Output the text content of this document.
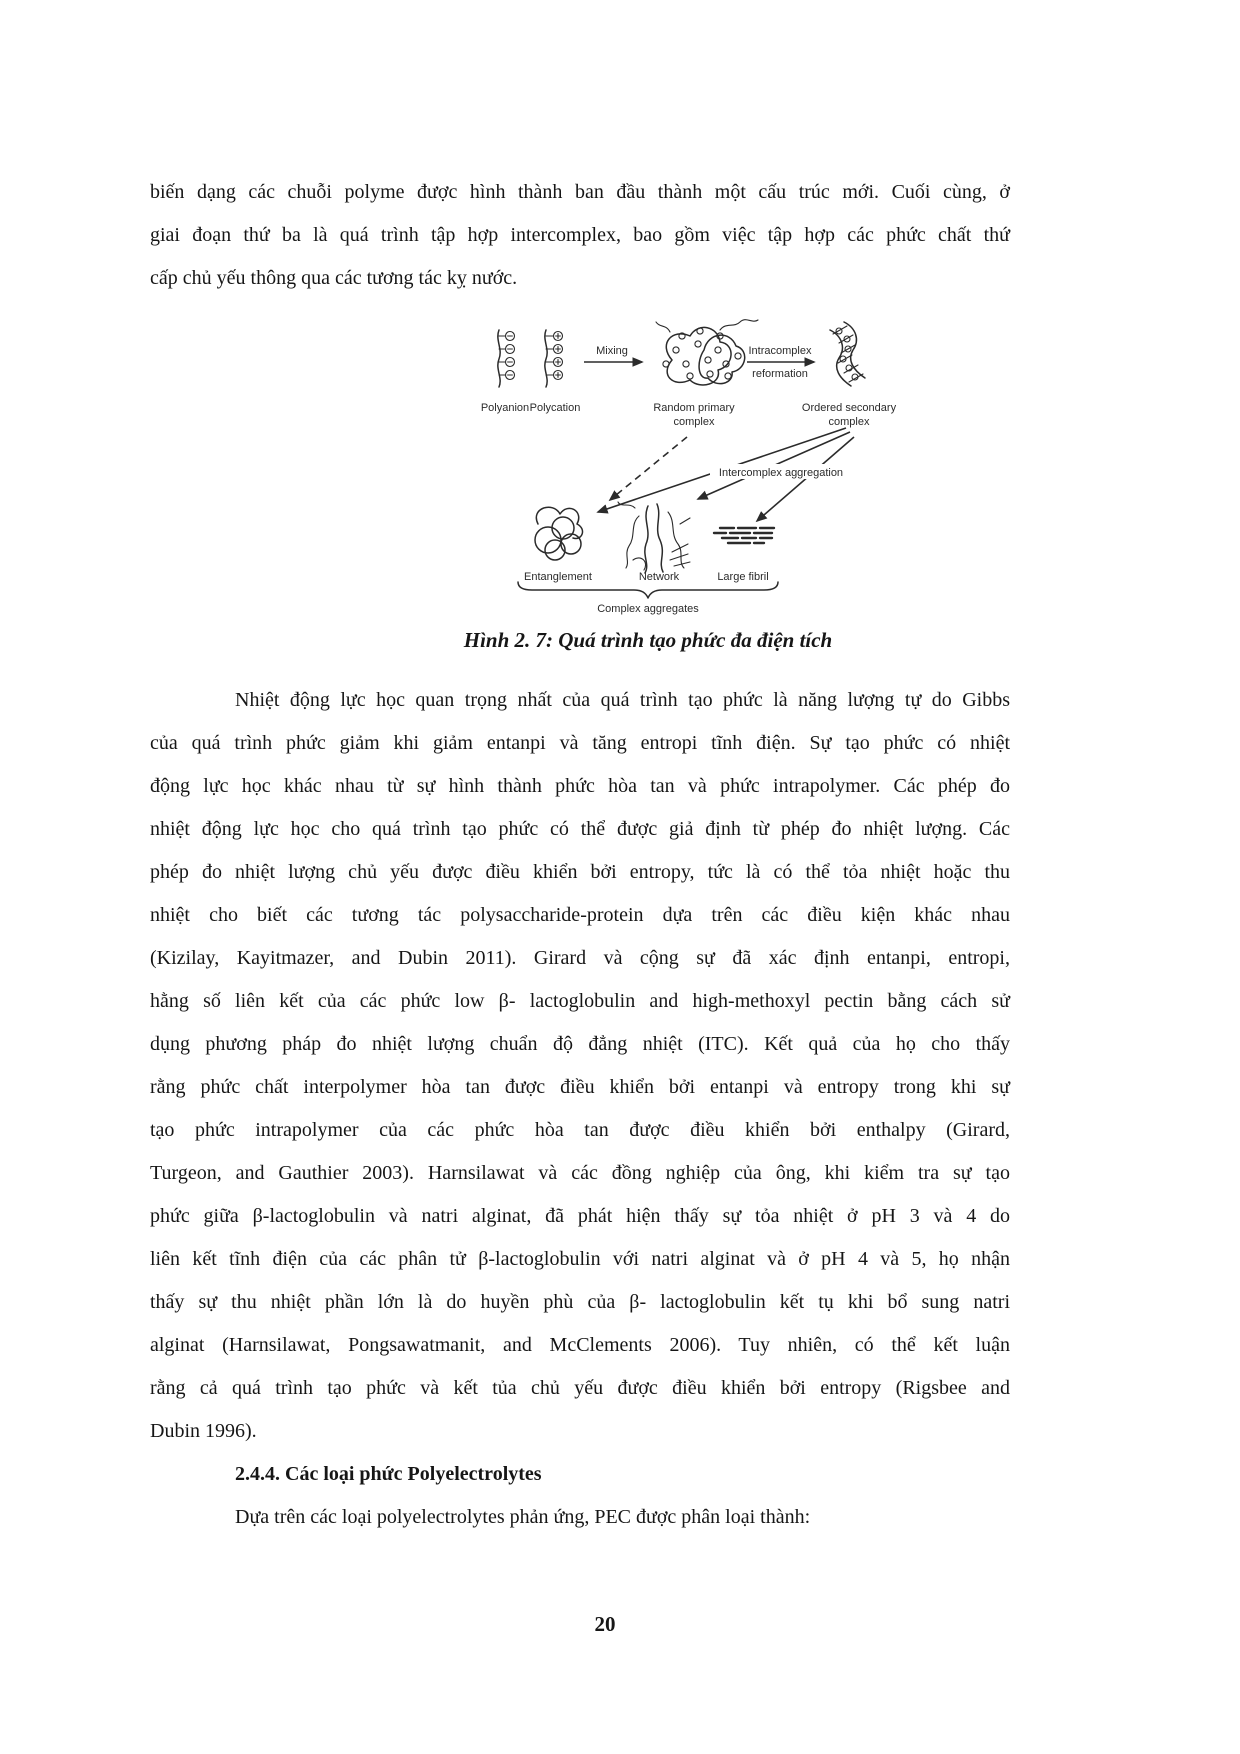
biến dạng các chuỗi polyme được hình thành ban đầu thành một cấu trúc mới. Cuối cùng, ở
giai đoạn thứ ba là quá trình tập hợp intercomplex, bao gồm việc tập hợp các phức chất thứ
cấp chủ yếu thông qua các tương tác kỵ nước.
Mixing	Intracomplex
reformation
Polyanion Polycation	Random primary
complex
Ordered secondary
complex
Intercomplex aggregation
Entanglement	Network	Large fibril
Complex aggregates
Hình 2. 7: Quá trình tạo phức đa điện tích
Nhiệt động lực học quan trọng nhất của quá trình tạo phức là năng lượng tự do Gibbs
của quá trình phức giảm khi giảm entanpi và tăng entropi tĩnh điện. Sự tạo phức có nhiệt
động lực học khác nhau từ sự hình thành phức hòa tan và phức intrapolymer. Các phép đo
nhiệt động lực học cho quá trình tạo phức có thể được giả định từ phép đo nhiệt lượng. Các
phép đo nhiệt lượng chủ yếu được điều khiển bởi entropy, tức là có thể tỏa nhiệt hoặc thu
nhiệt cho biết các tương tác polysaccharide-protein dựa trên các điều kiện khác nhau
(Kizilay, Kayitmazer, and Dubin 2011). Girard và cộng sự đã xác định entanpi, entropi,
hằng số liên kết của các phức low β- lactoglobulin and high-methoxyl pectin bằng cách sử
dụng phương pháp đo nhiệt lượng chuẩn độ đẳng nhiệt (ITC). Kết quả của họ cho thấy
rằng phức chất interpolymer hòa tan được điều khiển bởi entanpi và entropy trong khi sự
tạo phức intrapolymer của các phức hòa tan được điều khiển bởi enthalpy (Girard,
Turgeon, and Gauthier 2003). Harnsilawat và các đồng nghiệp của ông, khi kiểm tra sự tạo
phức giữa β-lactoglobulin và natri alginat, đã phát hiện thấy sự tỏa nhiệt ở pH 3 và 4 do
liên kết tĩnh điện của các phân tử β-lactoglobulin với natri alginat và ở pH 4 và 5, họ nhận
thấy sự thu nhiệt phần lớn là do huyền phù của β- lactoglobulin kết tụ khi bổ sung natri
alginat (Harnsilawat, Pongsawatmanit, and McClements 2006). Tuy nhiên, có thể kết luận
rằng cả quá trình tạo phức và kết tủa chủ yếu được điều khiển bởi entropy (Rigsbee and
Dubin 1996).
2.4.4. Các loại phức Polyelectrolytes
Dựa trên các loại polyelectrolytes phản ứng, PEC được phân loại thành:
20
